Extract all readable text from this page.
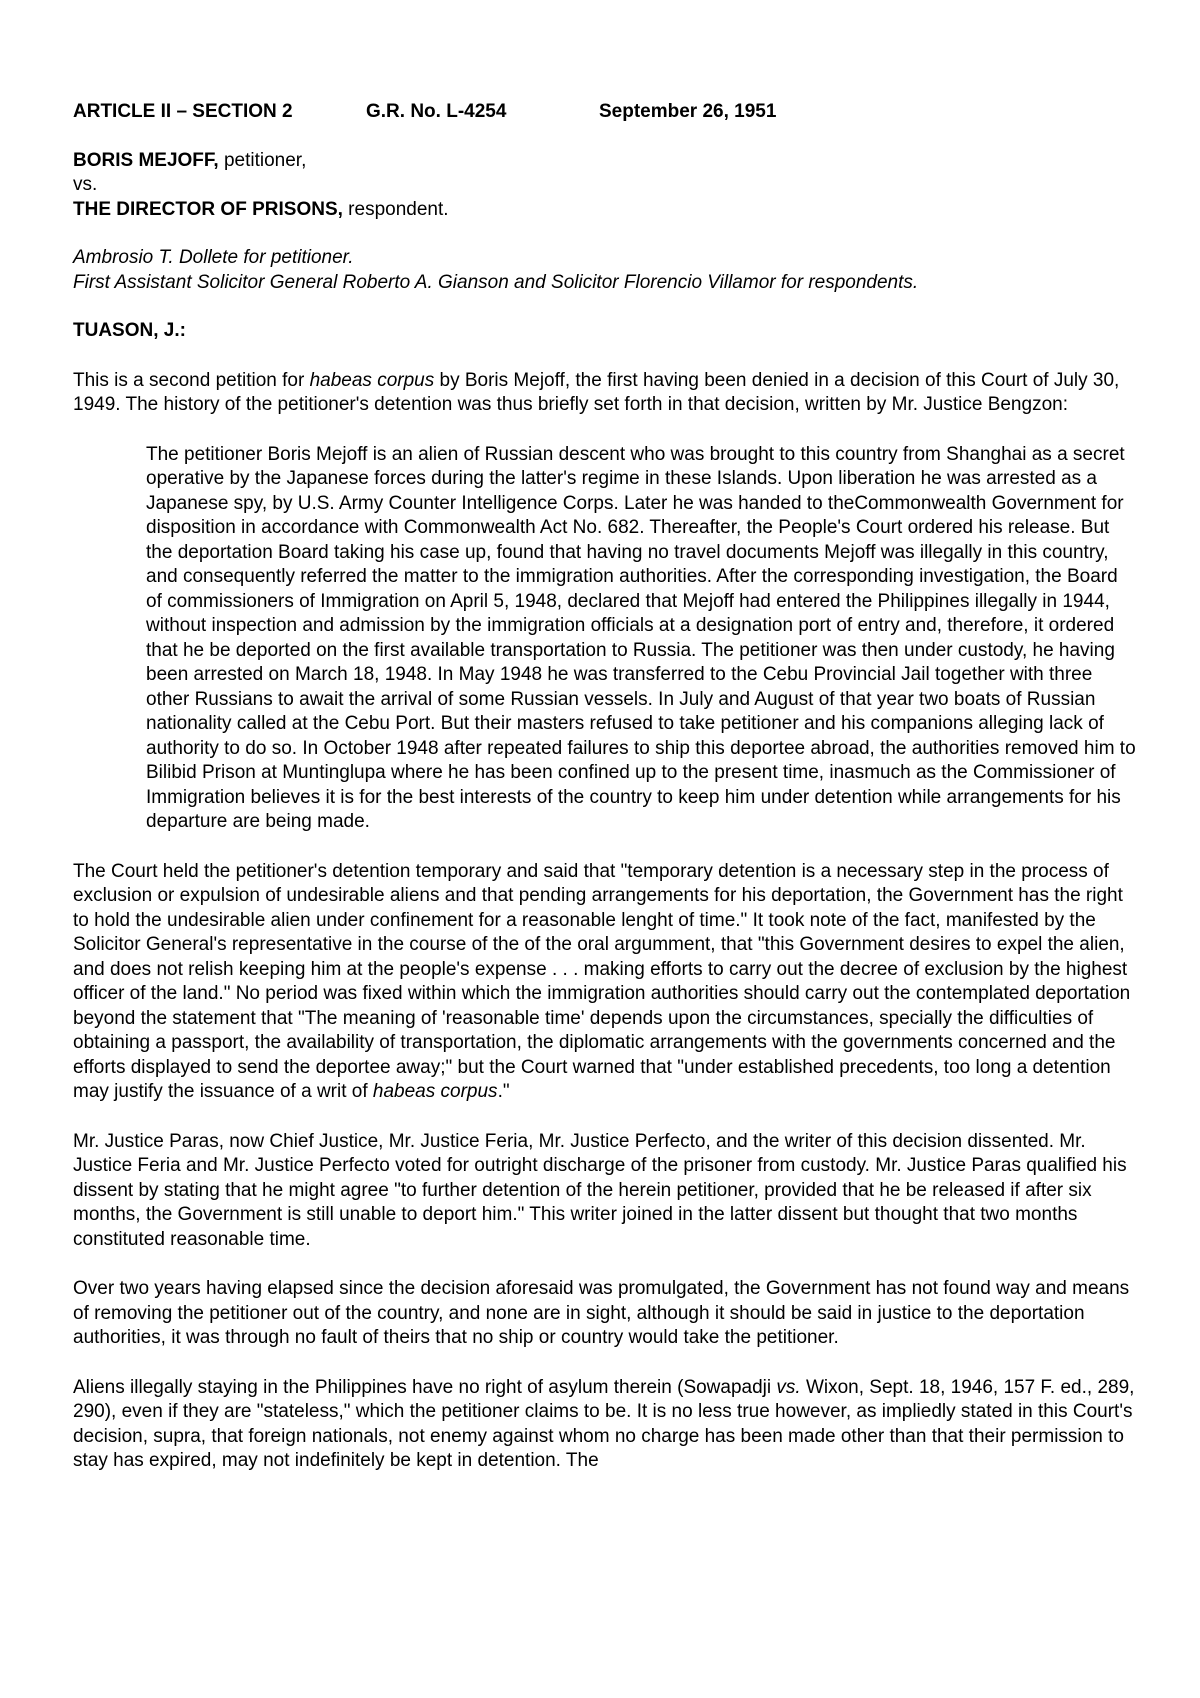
ARTICLE II – SECTION 2	G.R. No. L-4254	September 26, 1951
BORIS MEJOFF, petitioner,
vs.
THE DIRECTOR OF PRISONS, respondent.
Ambrosio T. Dollete for petitioner.
First Assistant Solicitor General Roberto A. Gianson and Solicitor Florencio Villamor for respondents.
TUASON, J.:

This is a second petition for habeas corpus by Boris Mejoff, the first having been denied in a decision of this Court of July 30, 1949. The history of the petitioner's detention was thus briefly set forth in that decision, written by Mr. Justice Bengzon:

The petitioner Boris Mejoff is an alien of Russian descent who was brought to this country from Shanghai as a secret operative by the Japanese forces during the latter's regime in these Islands. Upon liberation he was arrested as a Japanese spy, by U.S. Army Counter Intelligence Corps. Later he was handed to theCommonwealth Government for disposition in accordance with Commonwealth Act No. 682. Thereafter, the People's Court ordered his release. But the deportation Board taking his case up, found that having no travel documents Mejoff was illegally in this country, and consequently referred the matter to the immigration authorities. After the corresponding investigation, the Board of commissioners of Immigration on April 5, 1948, declared that Mejoff had entered the Philippines illegally in 1944, without inspection and admission by the immigration officials at a designation port of entry and, therefore, it ordered that he be deported on the first available transportation to Russia. The petitioner was then under custody, he having been arrested on March 18, 1948. In May 1948 he was transferred to the Cebu Provincial Jail together with three other Russians to await the arrival of some Russian vessels. In July and August of that year two boats of Russian nationality called at the Cebu Port. But their masters refused to take petitioner and his companions alleging lack of authority to do so. In October 1948 after repeated failures to ship this deportee abroad, the authorities removed him to Bilibid Prison at Muntinglupa where he has been confined up to the present time, inasmuch as the Commissioner of Immigration believes it is for the best interests of the country to keep him under detention while arrangements for his departure are being made.

The Court held the petitioner's detention temporary and said that "temporary detention is a necessary step in the process of exclusion or expulsion of undesirable aliens and that pending arrangements for his deportation, the Government has the right to hold the undesirable alien under confinement for a reasonable lenght of time." It took note of the fact, manifested by the Solicitor General's representative in the course of the of the oral argumment, that "this Government desires to expel the alien, and does not relish keeping him at the people's expense . . . making efforts to carry out the decree of exclusion by the highest officer of the land." No period was fixed within which the immigration authorities should carry out the contemplated deportation beyond the statement that "The meaning of 'reasonable time' depends upon the circumstances, specially the difficulties of obtaining a passport, the availability of transportation, the diplomatic arrangements with the governments concerned and the efforts displayed to send the deportee away;" but the Court warned that "under established precedents, too long a detention may justify the issuance of a writ of habeas corpus."

Mr. Justice Paras, now Chief Justice, Mr. Justice Feria, Mr. Justice Perfecto, and the writer of this decision dissented. Mr. Justice Feria and Mr. Justice Perfecto voted for outright discharge of the prisoner from custody. Mr. Justice Paras qualified his dissent by stating that he might agree "to further detention of the herein petitioner, provided that he be released if after six months, the Government is still unable to deport him." This writer joined in the latter dissent but thought that two months constituted reasonable time.

Over two years having elapsed since the decision aforesaid was promulgated, the Government has not found way and means of removing the petitioner out of the country, and none are in sight, although it should be said in justice to the deportation authorities, it was through no fault of theirs that no ship or country would take the petitioner.

Aliens illegally staying in the Philippines have no right of asylum therein (Sowapadji vs. Wixon, Sept. 18, 1946, 157 F. ed., 289, 290), even if they are "stateless," which the petitioner claims to be. It is no less true however, as impliedly stated in this Court's decision, supra, that foreign nationals, not enemy against whom no charge has been made other than that their permission to stay has expired, may not indefinitely be kept in detention. The
